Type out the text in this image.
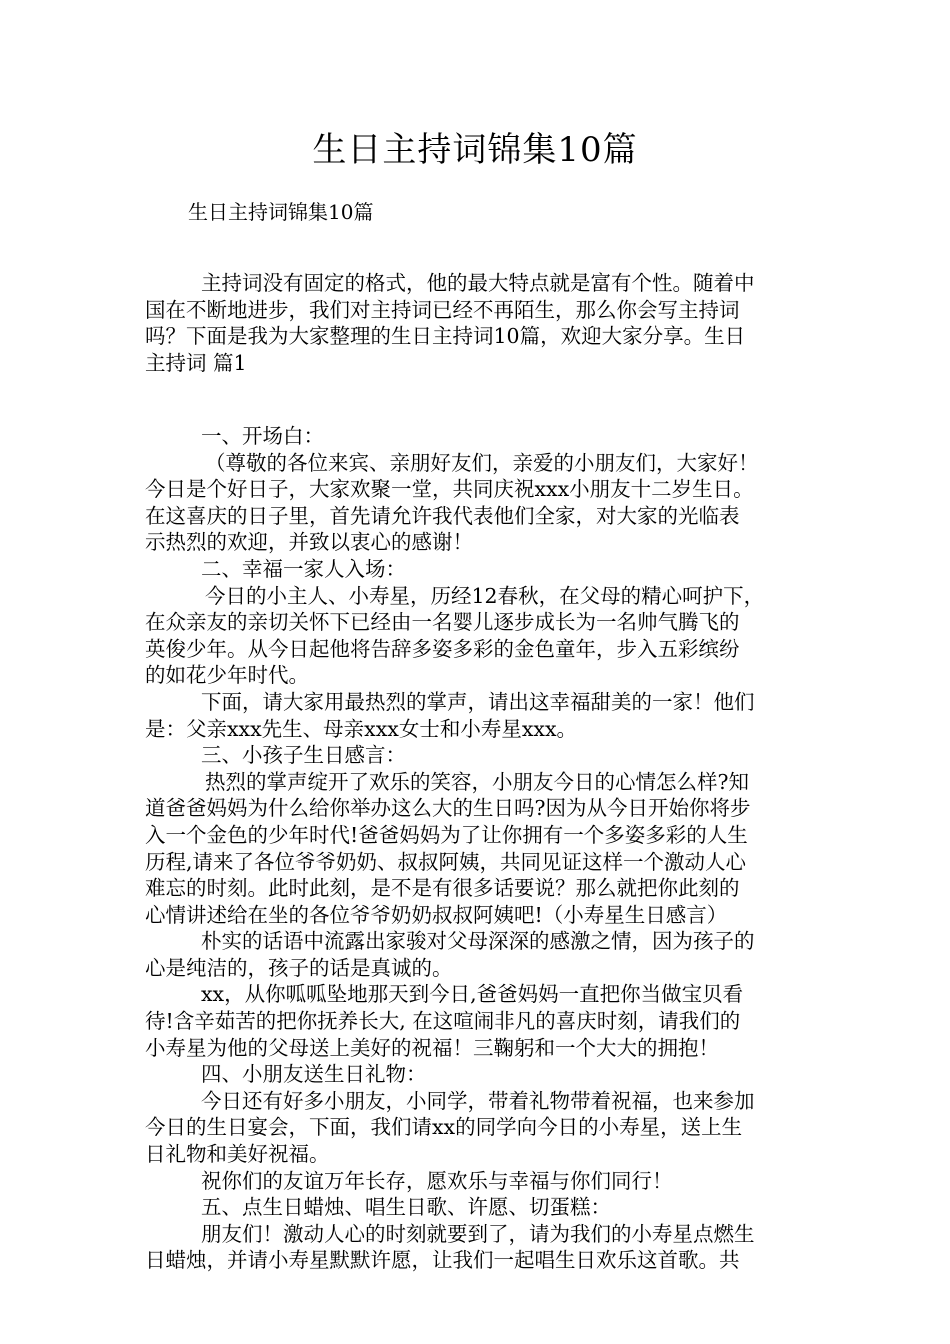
生日主持词锦集10篇
生日主持词锦集10篇
主持词没有固定的格式，他的最大特点就是富有个性。随着中
国在不断地进步，我们对主持词已经不再陌生，那么你会写主持词
吗？下面是我为大家整理的生日主持词10篇，欢迎大家分享。生日
主持词 篇1
一、开场白：
（尊敬的各位来宾、亲朋好友们，亲爱的小朋友们，大家好！
今日是个好日子，大家欢聚一堂，共同庆祝xxx小朋友十二岁生日。
在这喜庆的日子里，首先请允许我代表他们全家，对大家的光临表
示热烈的欢迎，并致以衷心的感谢！
二、幸福一家人入场：
今日的小主人、小寿星，历经12春秋，在父母的精心呵护下，
在众亲友的亲切关怀下已经由一名婴儿逐步成长为一名帅气腾飞的
英俊少年。从今日起他将告辞多姿多彩的金色童年，步入五彩缤纷
的如花少年时代。
下面，请大家用最热烈的掌声，请出这幸福甜美的一家！他们
是：父亲xxx先生、母亲xxx女士和小寿星xxx。
三、小孩子生日感言：
热烈的掌声绽开了欢乐的笑容，小朋友今日的心情怎么样?知
道爸爸妈妈为什么给你举办这么大的生日吗?因为从今日开始你将步
入一个金色的少年时代!爸爸妈妈为了让你拥有一个多姿多彩的人生
历程,请来了各位爷爷奶奶、叔叔阿姨，共同见证这样一个激动人心
难忘的时刻。此时此刻，是不是有很多话要说？那么就把你此刻的
心情讲述给在坐的各位爷爷奶奶叔叔阿姨吧!（小寿星生日感言）
朴实的话语中流露出家骏对父母深深的感激之情，因为孩子的
心是纯洁的，孩子的话是真诚的。
xx，从你呱呱坠地那天到今日,爸爸妈妈一直把你当做宝贝看
待!含辛茹苦的把你抚养长大, 在这喧闹非凡的喜庆时刻，请我们的
小寿星为他的父母送上美好的祝福！三鞠躬和一个大大的拥抱！
四、小朋友送生日礼物：
今日还有好多小朋友，小同学，带着礼物带着祝福，也来参加
今日的生日宴会，下面，我们请xx的同学向今日的小寿星，送上生
日礼物和美好祝福。
祝你们的友谊万年长存，愿欢乐与幸福与你们同行！
五、点生日蜡烛、唱生日歌、许愿、切蛋糕：
朋友们！激动人心的时刻就要到了，请为我们的小寿星点燃生
日蜡烛，并请小寿星默默许愿，让我们一起唱生日欢乐这首歌。共
